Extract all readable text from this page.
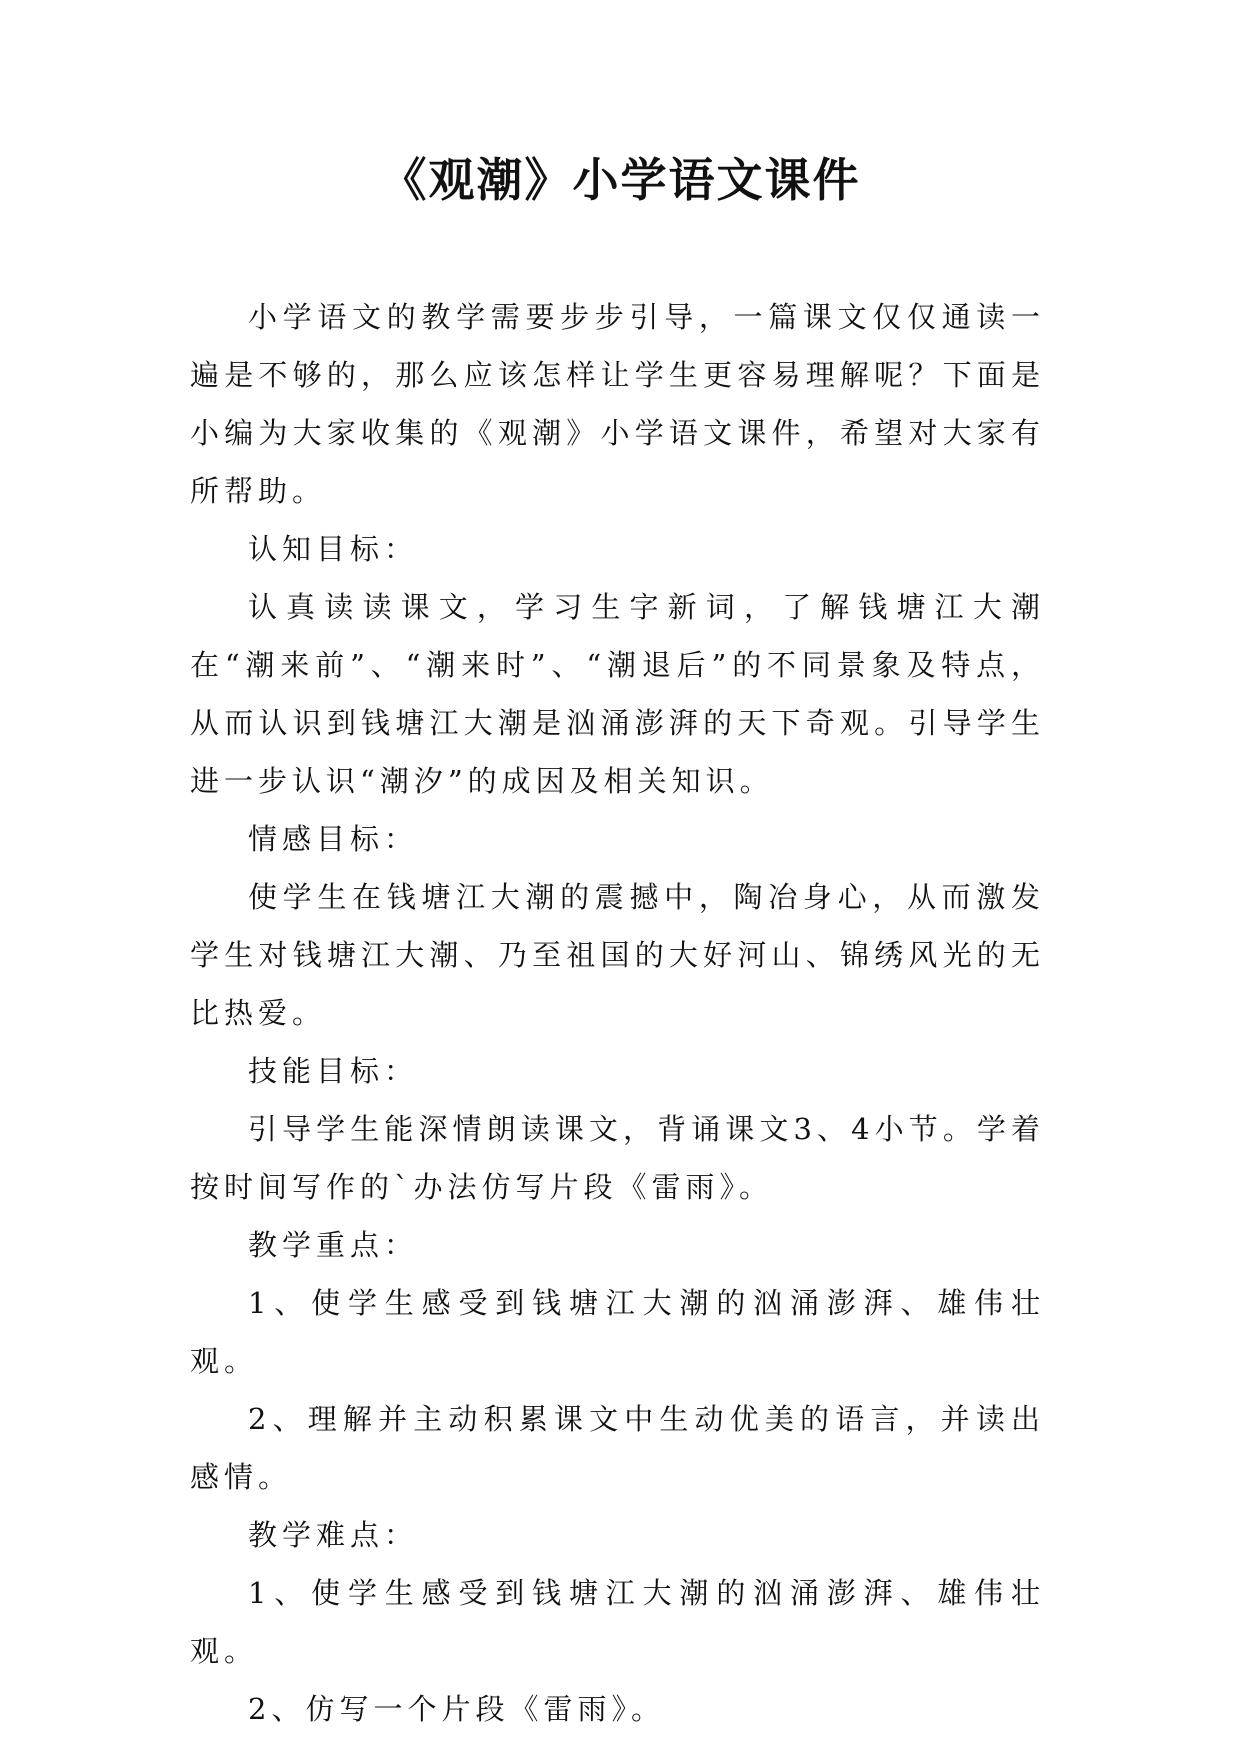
《观潮》小学语文课件

小学语文的教学需要步步引导，一篇课文仅仅通读一遍是不够的，那么应该怎样让学生更容易理解呢？下面是小编为大家收集的《观潮》小学语文课件，希望对大家有所帮助。

认知目标：

认真读读课文，学习生字新词，了解钱塘江大潮在“潮来前”、“潮来时”、“潮退后”的不同景象及特点，从而认识到钱塘江大潮是汹涌澎湃的天下奇观。引导学生进一步认识“潮汐”的成因及相关知识。

情感目标：

使学生在钱塘江大潮的震撼中，陶冶身心，从而激发学生对钱塘江大潮、乃至祖国的大好河山、锦绣风光的无比热爱。

技能目标：

引导学生能深情朗读课文，背诵课文3、4小节。学着按时间写作的`办法仿写片段《雷雨》。

教学重点：

1、使学生感受到钱塘江大潮的汹涌澎湃、雄伟壮观。

2、理解并主动积累课文中生动优美的语言，并读出感情。

教学难点：

1、使学生感受到钱塘江大潮的汹涌澎湃、雄伟壮观。

2、仿写一个片段《雷雨》。
